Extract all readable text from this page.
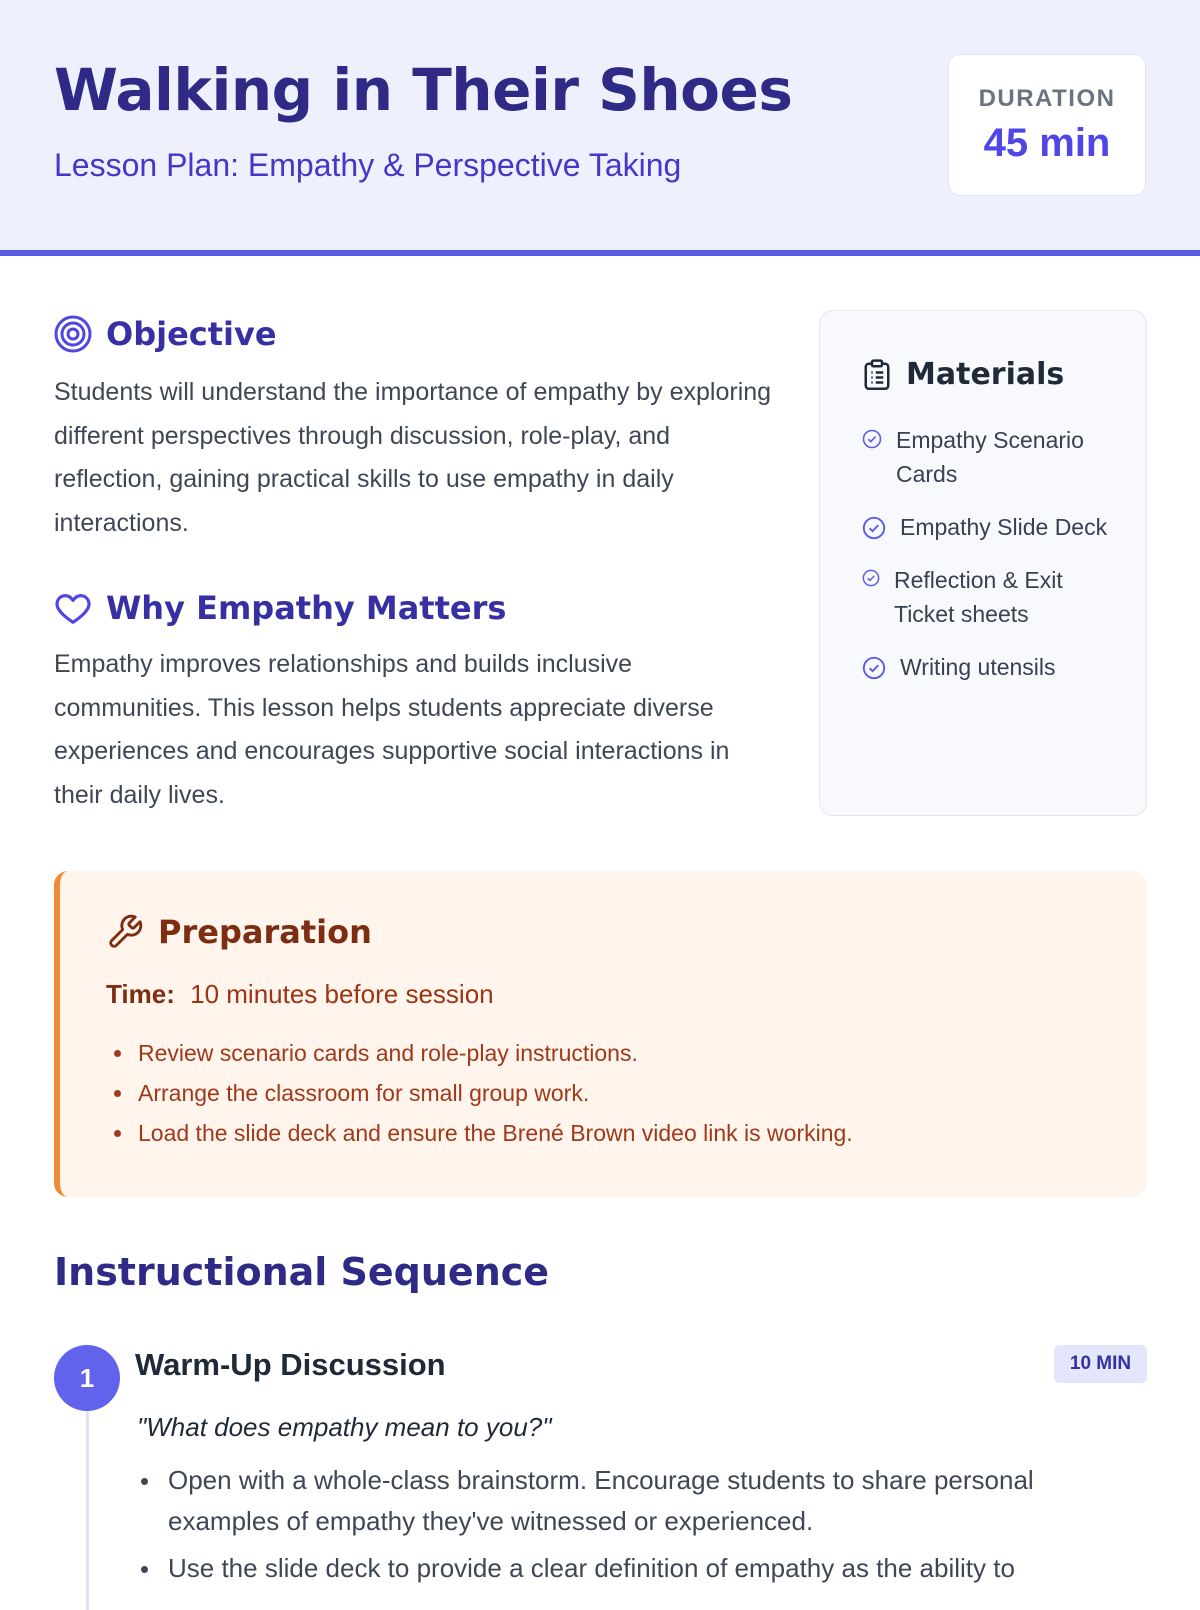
Walking in Their Shoes
Lesson Plan: Empathy & Perspective Taking
DURATION
45 min
Objective
Students will understand the importance of empathy by exploring different perspectives through discussion, role-play, and reflection, gaining practical skills to use empathy in daily interactions.
Why Empathy Matters
Empathy improves relationships and builds inclusive communities. This lesson helps students appreciate diverse experiences and encourages supportive social interactions in their daily lives.
Materials
Empathy Scenario Cards
Empathy Slide Deck
Reflection & Exit Ticket sheets
Writing utensils
Preparation
Time: 10 minutes before session
Review scenario cards and role-play instructions.
Arrange the classroom for small group work.
Load the slide deck and ensure the Brené Brown video link is working.
Instructional Sequence
1	Warm-Up Discussion	10 MIN
"What does empathy mean to you?"
Open with a whole-class brainstorm. Encourage students to share personal examples of empathy they've witnessed or experienced.
Use the slide deck to provide a clear definition of empathy as the ability to
